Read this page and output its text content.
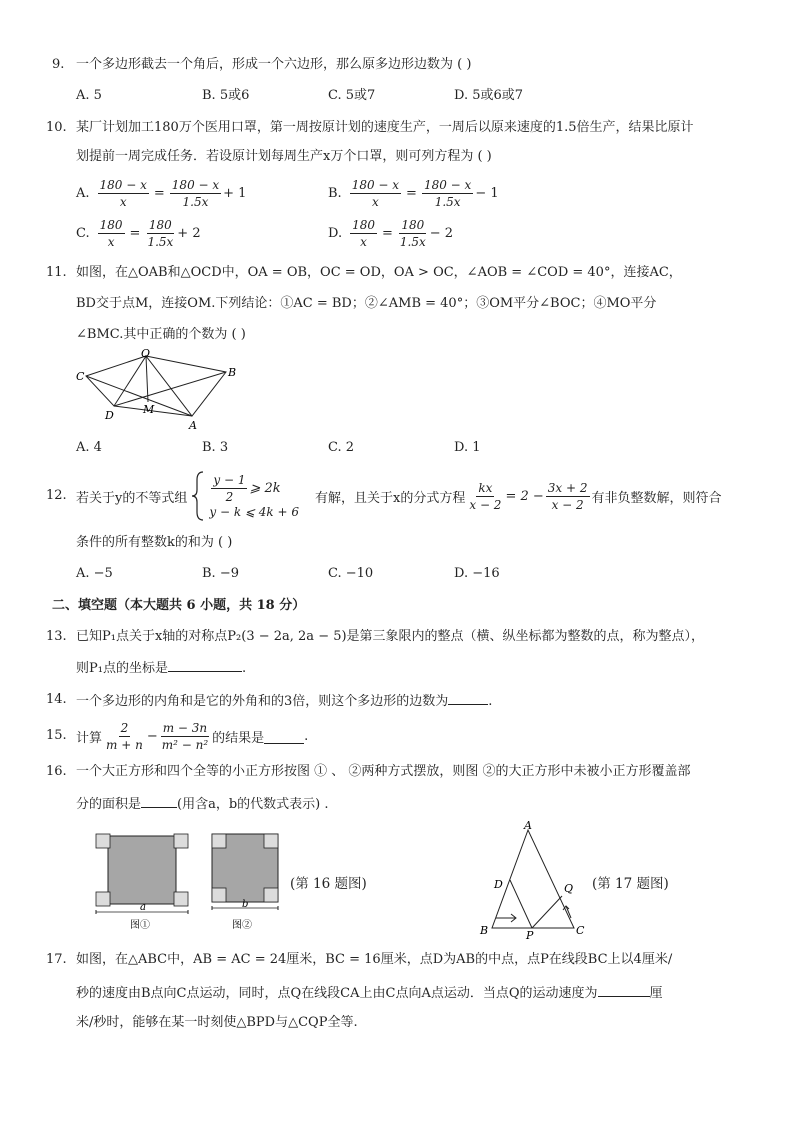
9. 一个多边形截去一个角后，形成一个六边形，那么原多边形边数为 ( )
A. 5	B. 5或6	C. 5或7	D. 5或6或7
10. 某厂计划加工180万个医用口罩，第一周按原计划的速度生产，一周后以原来速度的1.5倍生产，结果比原计
划提前一周完成任务．若设原计划每周生产x万个口罩，则可列方程为 ( )
A. $\frac{180 - x}{x} = \frac{180 - x}{1.5x} + 1$	B. $\frac{180 - x}{x} = \frac{180 - x}{1.5x} - 1$
C. $\frac{180}{x} = \frac{180}{1.5x} + 2$	D. $\frac{180}{x} = \frac{180}{1.5x} - 2$
11. 如图，在△OAB和△OCD中，OA = OB，OC = OD，OA > OC，∠AOB = ∠COD = 40°，连接AC，
BD交于点M，连接OM.下列结论：①AC = BD；②∠AMB = 40°；③OM平分∠BOC；④MO平分
∠BMC.其中正确的个数为 ( )
O
C	B
D	M
A
A. 4	B. 3	C. 2	D. 1
12. 若关于y的不等式组 $\frac{y - 1}{2}$ ⩾ 2k
y − k ⩽ 4k + 6
有解，且关于x的分式方程 $\frac{kx}{x - 2} = 2 - \frac{3x + 2}{x - 2}$ 有非负整数解，则符合
条件的所有整数k的和为 ( )
A. −5	B. −9	C. −10	D. −16
二、填空题（本大题共 6 小题，共 18 分）
13. 已知P₁点关于x轴的对称点P₂(3 − 2a, 2a − 5)是第三象限内的整点（横、纵坐标都为整数的点，称为整点），
则P₁点的坐标是	.
14. 一个多边形的内角和是它的外角和的3倍，则这个多边形的边数为	.
15. 计算 $\frac{2}{m + n} - \frac{m - 3n}{\text{m² − n²}}$ 的结果是	.
16. 一个大正方形和四个全等的小正方形按图 ① 、 ②两种方式摆放，则图 ②的大正方形中未被小正方形覆盖部
分的面积是	(用含a，b的代数式表示) .
a
图①
b
图②
(第 16 题图)
A
D	Q
B	P	C
(第 17 题图)
17. 如图，在△ABC中，AB = AC = 24厘米，BC = 16厘米，点D为AB的中点，点P在线段BC上以4厘米/
秒的速度由B点向C点运动，同时，点Q在线段CA上由C点向A点运动．当点Q的运动速度为	厘
米/秒时，能够在某一时刻使△BPD与△CQP全等.
